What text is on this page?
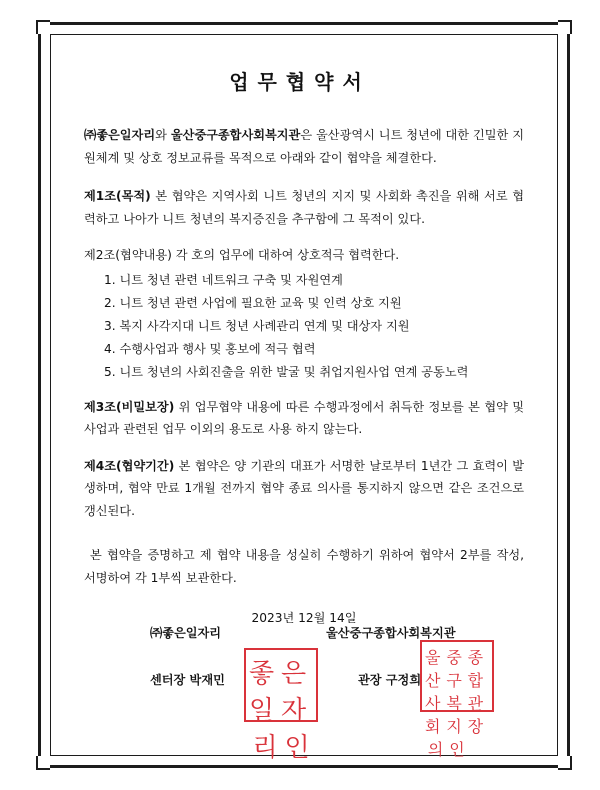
업무협약서

㈜좋은일자리와 울산중구종합사회복지관은 울산광역시 니트 청년에 대한 긴밀한 지원체계 및 상호 정보교류를 목적으로 아래와 같이 협약을 체결한다.

제1조(목적) 본 협약은 지역사회 니트 청년의 지지 및 사회화 촉진을 위해 서로 협력하고 나아가 니트 청년의 복지증진을 추구함에 그 목적이 있다.

제2조(협약내용) 각 호의 업무에 대하여 상호적극 협력한다.

1. 니트 청년 관련 네트워크 구축 및 자원연계
2. 니트 청년 관련 사업에 필요한 교육 및 인력 상호 지원
3. 복지 사각지대 니트 청년 사례관리 연계 및 대상자 지원
4. 수행사업과 행사 및 홍보에 적극 협력
5. 니트 청년의 사회진출을 위한 발굴 및 취업지원사업 연계 공동노력

제3조(비밀보장) 위 업무협약 내용에 따른 수행과정에서 취득한 정보를 본 협약 및 사업과 관련된 업무 이외의 용도로 사용 하지 않는다.

제4조(협약기간) 본 협약은 양 기관의 대표가 서명한 날로부터 1년간 그 효력이 발생하며, 협약 만료 1개월 전까지 협약 종료 의사를 통지하지 않으면 같은 조건으로 갱신된다.

본 협약을 증명하고 제 협약 내용을 성실히 수행하기 위하여 협약서 2부를 작성, 서명하여 각 1부씩 보관한다.

2023년 12월 14일
㈜좋은일자리	울산중구종합사회복지관
센터장 박재민	관장 구정희
좋일
은자
리 인
울산
중구
종합
사회
복지
관장
의 인
